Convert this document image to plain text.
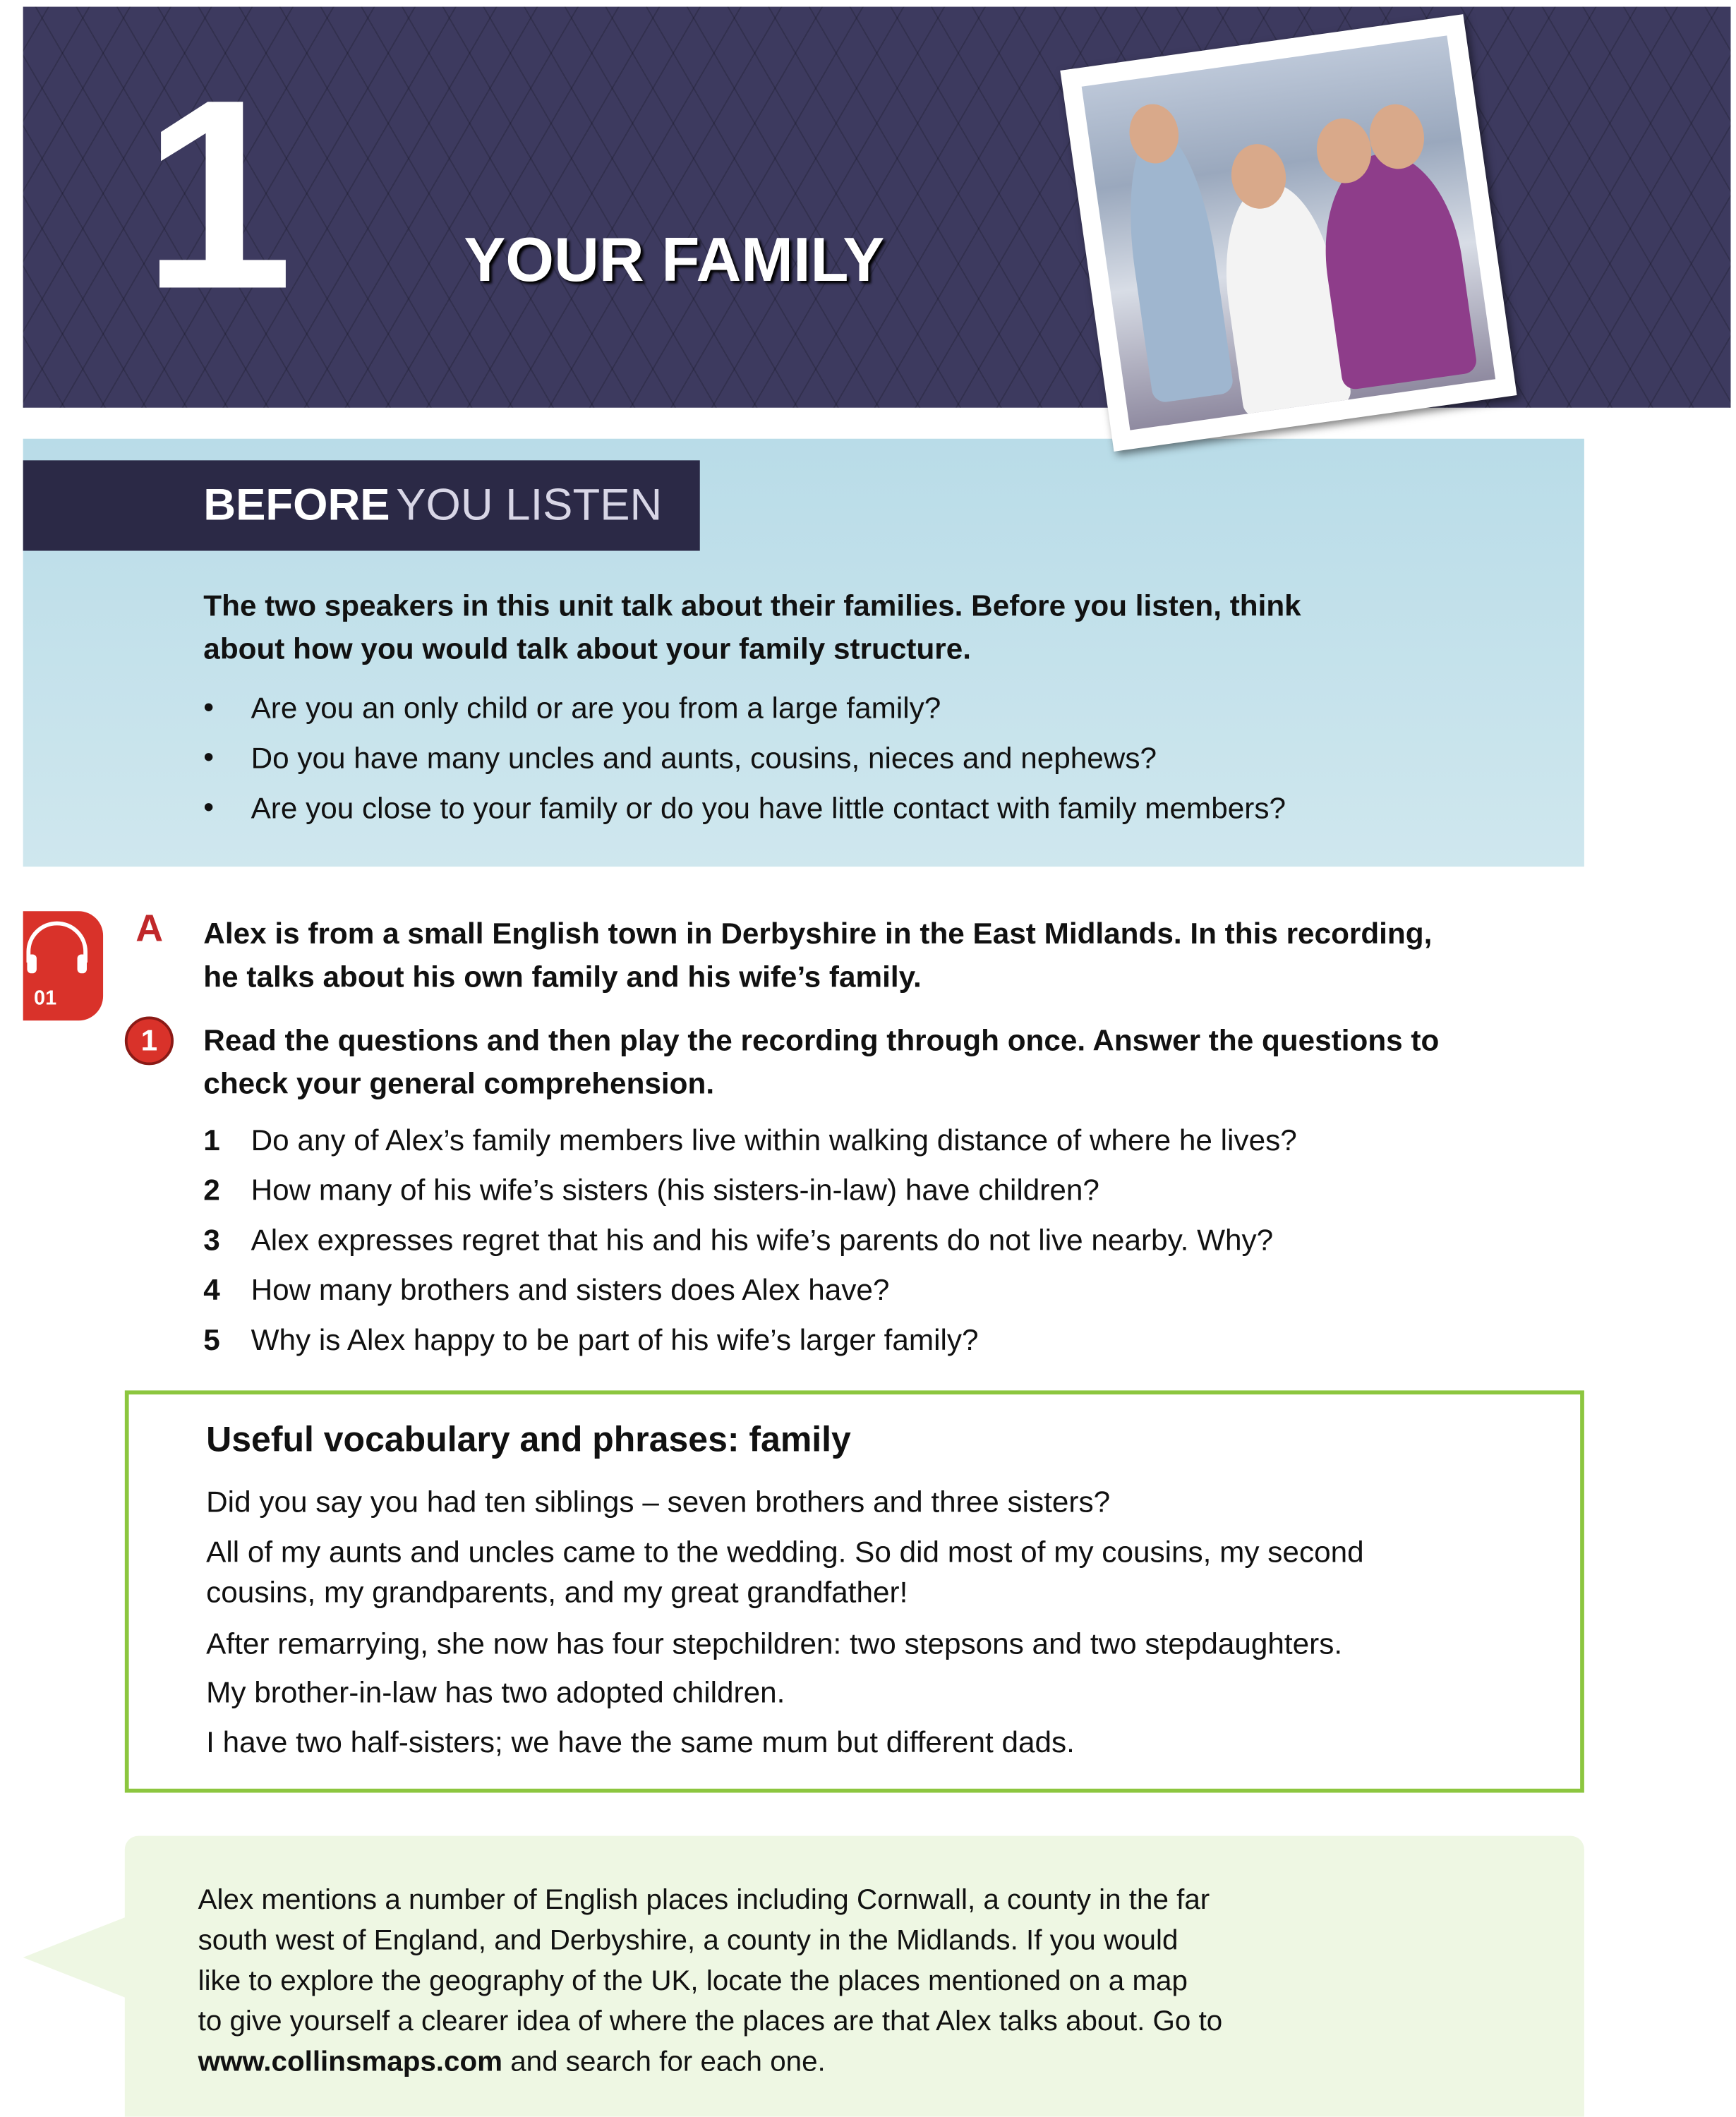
1	YOUR FAMILY
BEFORE YOU LISTEN
The two speakers in this unit talk about their families. Before you listen, think
about how you would talk about your family structure.
• Are you an only child or are you from a large family?
• Do you have many uncles and aunts, cousins, nieces and nephews?
• Are you close to your family or do you have little contact with family members?
01
A	Alex is from a small English town in Derbyshire in the East Midlands. In this recording,
he talks about his own family and his wife’s family.
1	Read the questions and then play the recording through once. Answer the questions to
check your general comprehension.
1 Do any of Alex’s family members live within walking distance of where he lives?
2 How many of his wife’s sisters (his sisters-in-law) have children?
3 Alex expresses regret that his and his wife’s parents do not live nearby. Why?
4 How many brothers and sisters does Alex have?
5 Why is Alex happy to be part of his wife’s larger family?
Useful vocabulary and phrases: family
Did you say you had ten siblings – seven brothers and three sisters?
All of my aunts and uncles came to the wedding. So did most of my cousins, my second
cousins, my grandparents, and my great grandfather!
After remarrying, she now has four stepchildren: two stepsons and two stepdaughters.
My brother-in-law has two adopted children.
I have two half-sisters; we have the same mum but different dads.
Alex mentions a number of English places including Cornwall, a county in the far
south west of England, and Derbyshire, a county in the Midlands. If you would
like to explore the geography of the UK, locate the places mentioned on a map
to give yourself a clearer idea of where the places are that Alex talks about. Go to
www.collinsmaps.com and search for each one.
